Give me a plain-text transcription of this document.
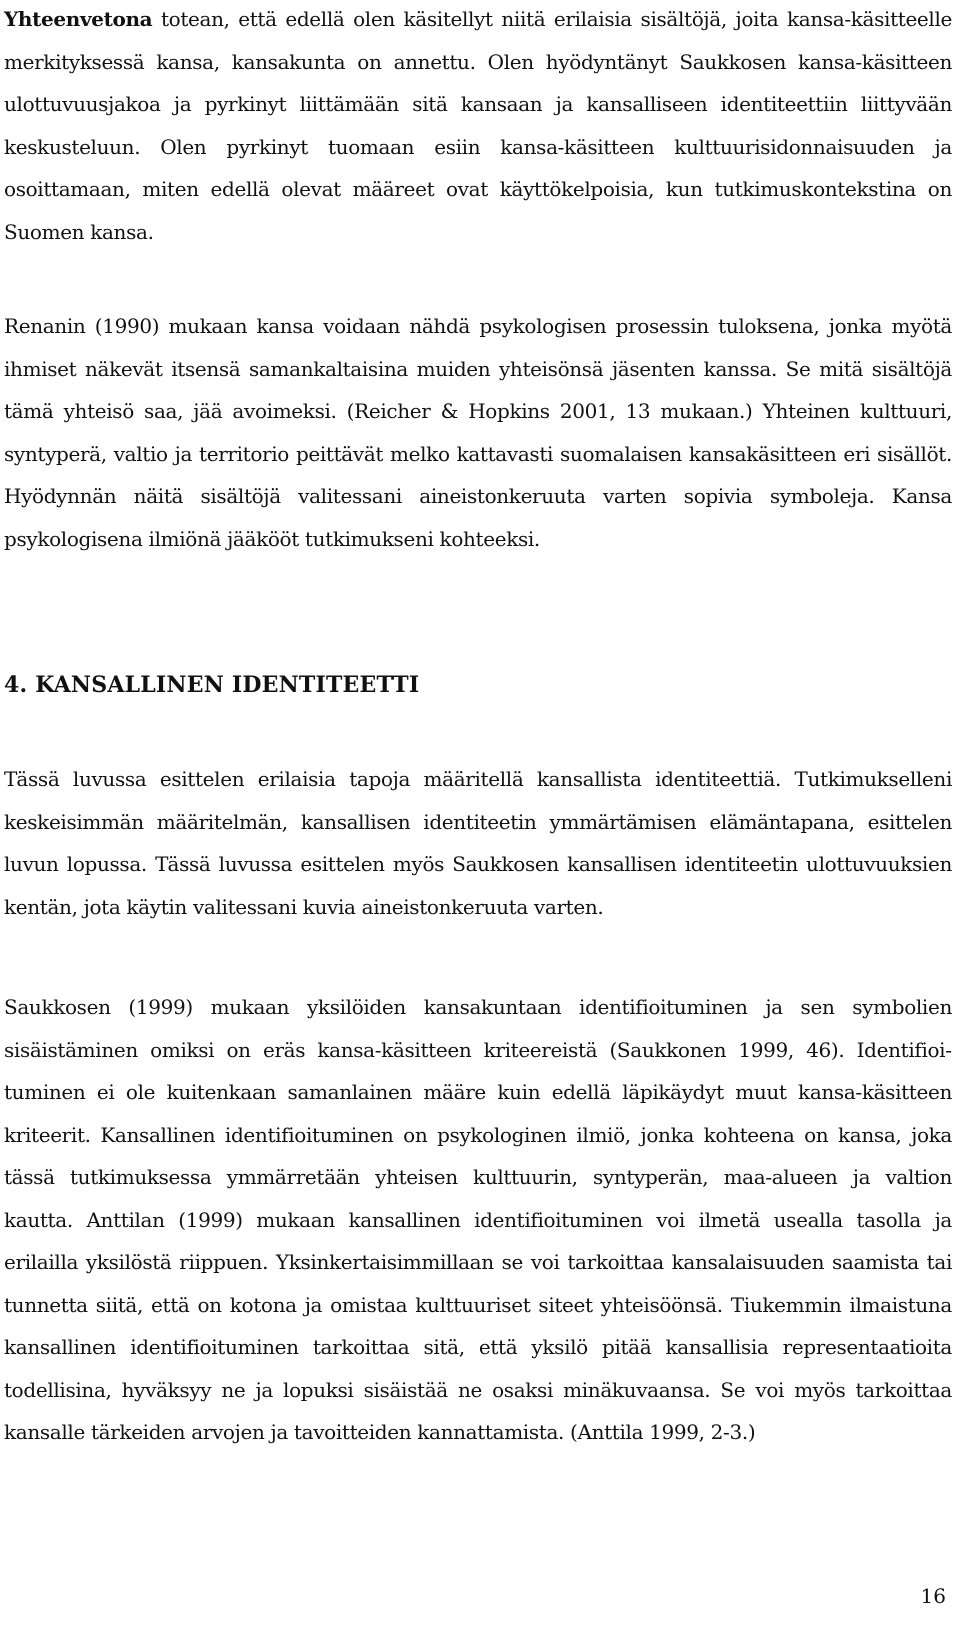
Yhteenvetona totean, että edellä olen käsitellyt niitä erilaisia sisältöjä, joita kansa-käsitteelle merkityksessä kansa, kansakunta on annettu. Olen hyödyntänyt Saukkosen kansa-käsitteen ulottuvuusjakoa ja pyrkinyt liittämään sitä kansaan ja kansalliseen identiteettiin liittyvään keskusteluun. Olen pyrkinyt tuomaan esiin kansa-käsitteen kulttuurisidonnaisuuden ja osoittamaan, miten edellä olevat määreet ovat käyttökelpoisia, kun tutkimuskontekstina on Suomen kansa.

Renanin (1990) mukaan kansa voidaan nähdä psykologisen prosessin tuloksena, jonka myötä ihmiset näkevät itsensä samankaltaisina muiden yhteisönsä jäsenten kanssa. Se mitä sisältöjä tämä yhteisö saa, jää avoimeksi. (Reicher & Hopkins 2001, 13 mukaan.) Yhteinen kulttuuri, syntyperä, valtio ja territorio peittävät melko kattavasti suomalaisen kansakäsitteen eri sisällöt. Hyödynnän näitä sisältöjä valitessani aineistonkeruuta varten sopivia symboleja. Kansa psykologisena ilmiönä jääkööt tutkimukseni kohteeksi.

4. KANSALLINEN IDENTITEETTI

Tässä luvussa esittelen erilaisia tapoja määritellä kansallista identiteettiä. Tutkimukselleni keskeisimmän määritelmän, kansallisen identiteetin ymmärtämisen elämäntapana, esittelen luvun lopussa. Tässä luvussa esittelen myös Saukkosen kansallisen identiteetin ulottuvuuksien kentän, jota käytin valitessani kuvia aineistonkeruuta varten.

Saukkosen (1999) mukaan yksilöiden kansakuntaan identifioituminen ja sen symbolien sisäistäminen omiksi on eräs kansa-käsitteen kriteereistä (Saukkonen 1999, 46). Identifioituminen ei ole kuitenkaan samanlainen määre kuin edellä läpikäydyt muut kansa-käsitteen kriteerit. Kansallinen identifioituminen on psykologinen ilmiö, jonka kohteena on kansa, joka tässä tutkimuksessa ymmärretään yhteisen kulttuurin, syntyperän, maa-alueen ja valtion kautta. Anttilan (1999) mukaan kansallinen identifioituminen voi ilmetä usealla tasolla ja erilailla yksilöstä riippuen. Yksinkertaisimmillaan se voi tarkoittaa kansalaisuuden saamista tai tunnetta siitä, että on kotona ja omistaa kulttuuriset siteet yhteisöönsä. Tiukemmin ilmaistuna kansallinen identifioituminen tarkoittaa sitä, että yksilö pitää kansallisia representaatioita todellisina, hyväksyy ne ja lopuksi sisäistää ne osaksi minäkuvaansa. Se voi myös tarkoittaa kansalle tärkeiden arvojen ja tavoitteiden kannattamista. (Anttila 1999, 2-3.)

16
